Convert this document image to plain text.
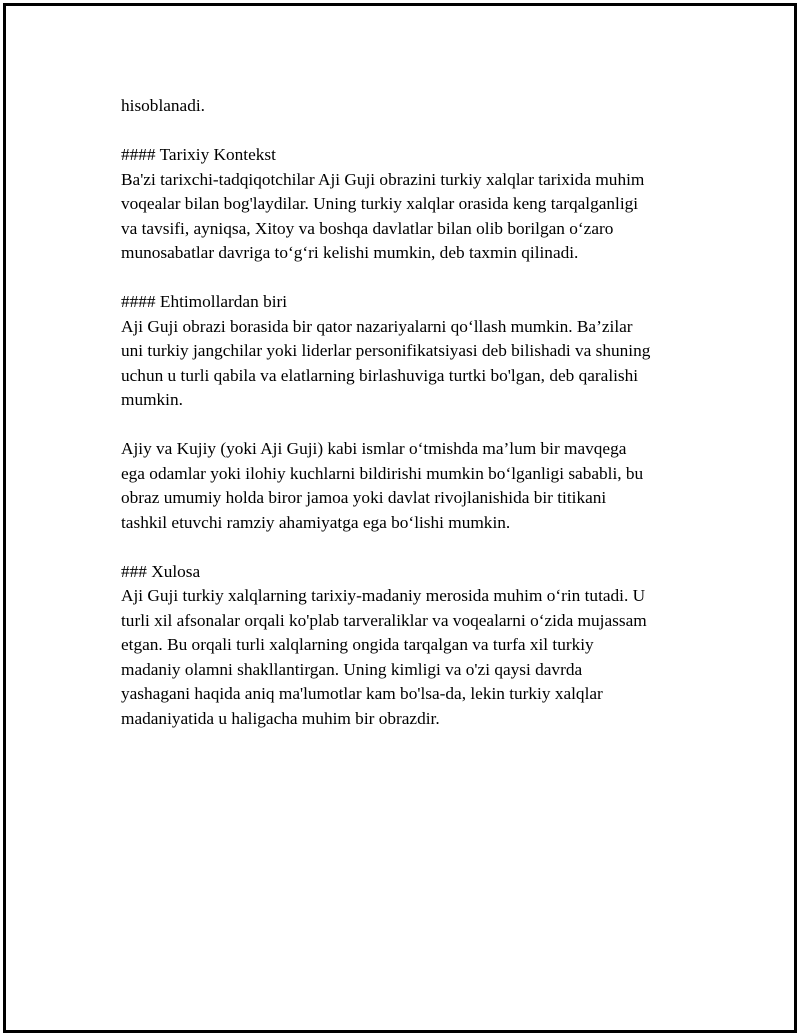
hisoblanadi.

#### Tarixiy Kontekst
Ba'zi tarixchi-tadqiqotchilar Aji Guji obrazini turkiy xalqlar tarixida muhim
voqealar bilan bog'laydilar. Uning turkiy xalqlar orasida keng tarqalganligi
va tavsifi, ayniqsa, Xitoy va boshqa davlatlar bilan olib borilgan o‘zaro
munosabatlar davriga to‘g‘ri kelishi mumkin, deb taxmin qilinadi.

#### Ehtimollardan biri
Aji Guji obrazi borasida bir qator nazariyalarni qo‘llash mumkin. Ba’zilar
uni turkiy jangchilar yoki liderlar personifikatsiyasi deb bilishadi va shuning
uchun u turli qabila va elatlarning birlashuviga turtki bo'lgan, deb qaralishi
mumkin.

Ajiy va Kujiy (yoki Aji Guji) kabi ismlar o‘tmishda ma’lum bir mavqega
ega odamlar yoki ilohiy kuchlarni bildirishi mumkin bo‘lganligi sababli, bu
obraz umumiy holda biror jamoa yoki davlat rivojlanishida bir titikani
tashkil etuvchi ramziy ahamiyatga ega bo‘lishi mumkin.

### Xulosa
Aji Guji turkiy xalqlarning tarixiy-madaniy merosida muhim o‘rin tutadi. U
turli xil afsonalar orqali ko'plab tarveraliklar va voqealarni o‘zida mujassam
etgan. Bu orqali turli xalqlarning ongida tarqalgan va turfa xil turkiy
madaniy olamni shakllantirgan. Uning kimligi va o'zi qaysi davrda
yashagani haqida aniq ma'lumotlar kam bo'lsa-da, lekin turkiy xalqlar
madaniyatida u haligacha muhim bir obrazdir.
